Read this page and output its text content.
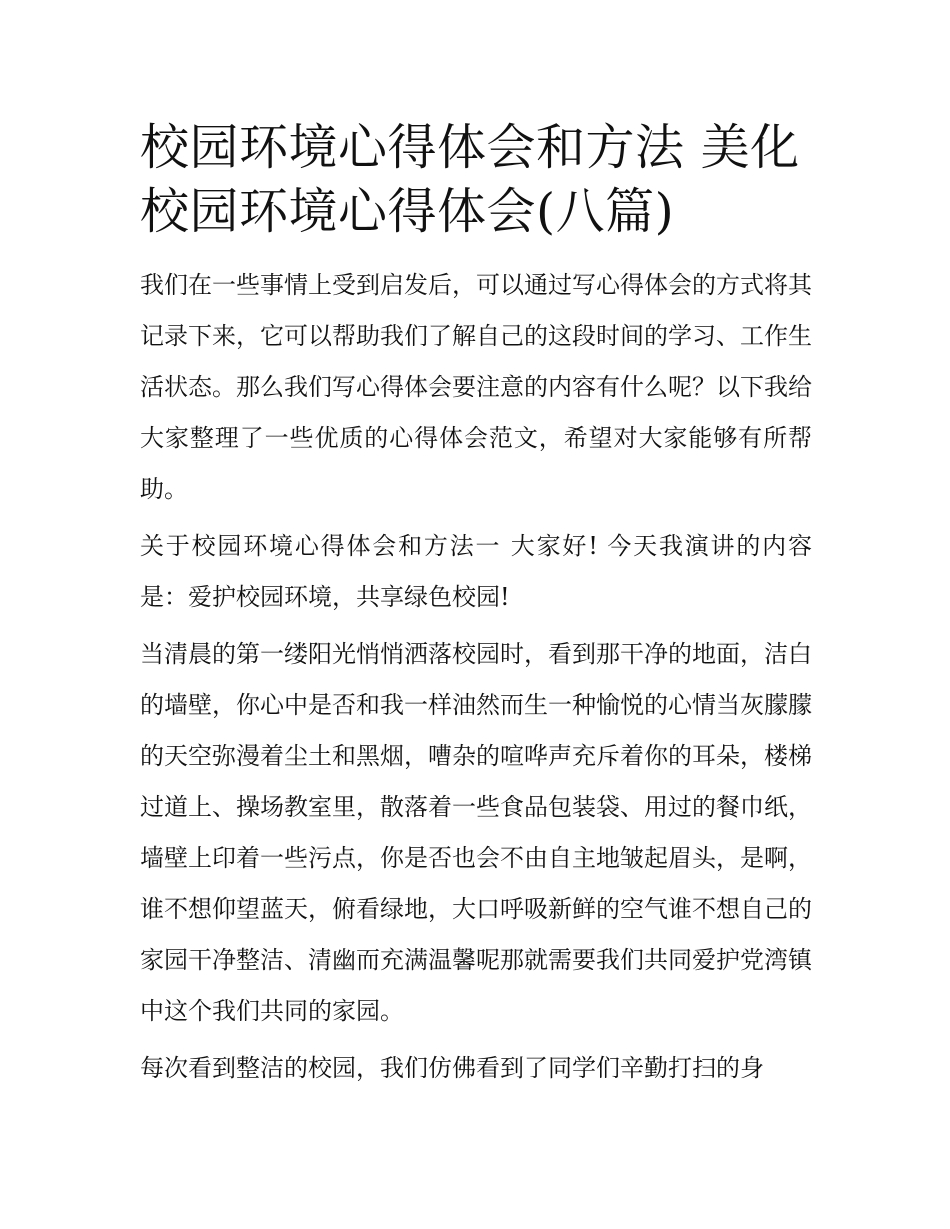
校园环境心得体会和方法 美化校园环境心得体会(八篇)

我们在一些事情上受到启发后，可以通过写心得体会的方式将其记录下来，它可以帮助我们了解自己的这段时间的学习、工作生活状态。那么我们写心得体会要注意的内容有什么呢？以下我给大家整理了一些优质的心得体会范文，希望对大家能够有所帮助。

关于校园环境心得体会和方法一 大家好! 今天我演讲的内容是：爱护校园环境，共享绿色校园!

当清晨的第一缕阳光悄悄洒落校园时，看到那干净的地面，洁白的墙壁，你心中是否和我一样油然而生一种愉悦的心情当灰朦朦的天空弥漫着尘土和黑烟，嘈杂的喧哗声充斥着你的耳朵，楼梯过道上、操场教室里，散落着一些食品包装袋、用过的餐巾纸，墙壁上印着一些污点，你是否也会不由自主地皱起眉头，是啊，谁不想仰望蓝天，俯看绿地，大口呼吸新鲜的空气谁不想自己的家园干净整洁、清幽而充满温馨呢那就需要我们共同爱护党湾镇中这个我们共同的家园。

每次看到整洁的校园，我们仿佛看到了同学们辛勤打扫的身
